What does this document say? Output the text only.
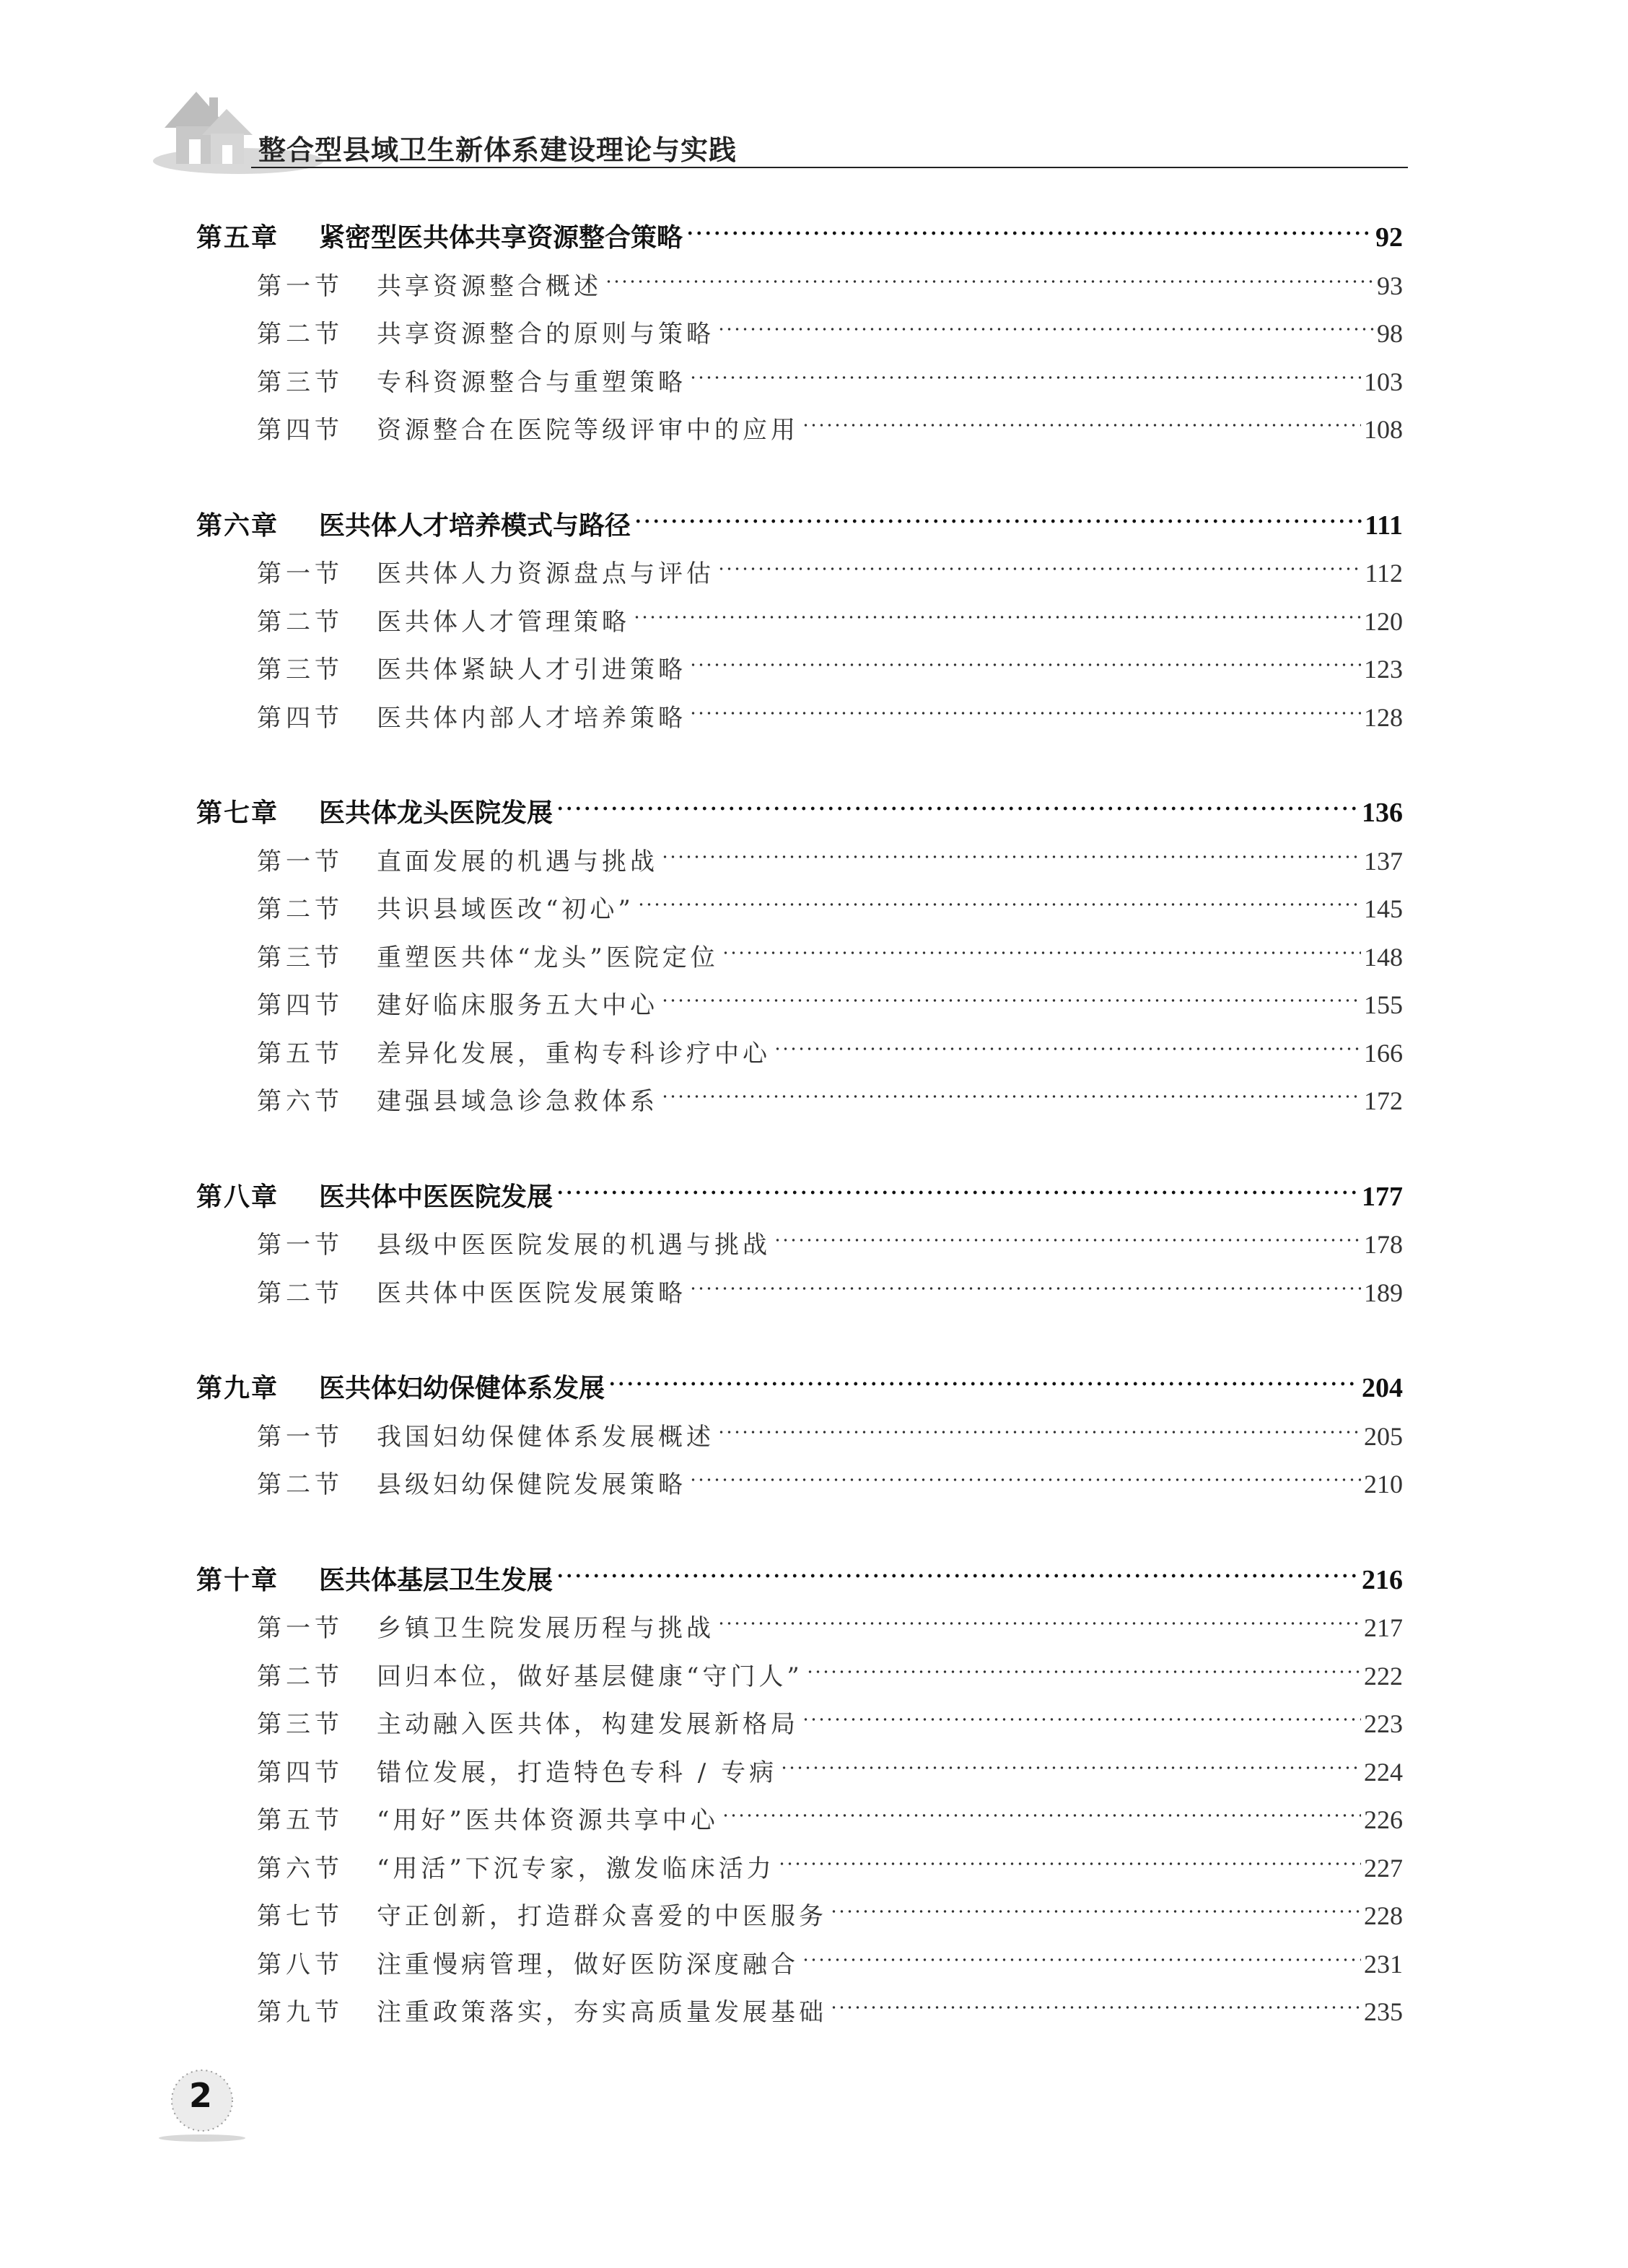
整合型县域卫生新体系建设理论与实践
第五章	紧密型医共体共享资源整合策略	92
第一节	共享资源整合概述	93
第二节	共享资源整合的原则与策略	98
第三节	专科资源整合与重塑策略	103
第四节	资源整合在医院等级评审中的应用	108
第六章	医共体人才培养模式与路径	111
第一节	医共体人力资源盘点与评估	112
第二节	医共体人才管理策略	120
第三节	医共体紧缺人才引进策略	123
第四节	医共体内部人才培养策略	128
第七章	医共体龙头医院发展	136
第一节	直面发展的机遇与挑战	137
第二节	共识县域医改“初心”	145
第三节	重塑医共体“龙头”医院定位	148
第四节	建好临床服务五大中心	155
第五节	差异化发展，重构专科诊疗中心	166
第六节	建强县域急诊急救体系	172
第八章	医共体中医医院发展	177
第一节	县级中医医院发展的机遇与挑战	178
第二节	医共体中医医院发展策略	189
第九章	医共体妇幼保健体系发展	204
第一节	我国妇幼保健体系发展概述	205
第二节	县级妇幼保健院发展策略	210
第十章	医共体基层卫生发展	216
第一节	乡镇卫生院发展历程与挑战	217
第二节	回归本位，做好基层健康“守门人”	222
第三节	主动融入医共体，构建发展新格局	223
第四节	错位发展，打造特色专科 / 专病	224
第五节	“用好”医共体资源共享中心	226
第六节	“用活”下沉专家，激发临床活力	227
第七节	守正创新，打造群众喜爱的中医服务	228
第八节	注重慢病管理，做好医防深度融合	231
第九节	注重政策落实，夯实高质量发展基础	235
2
